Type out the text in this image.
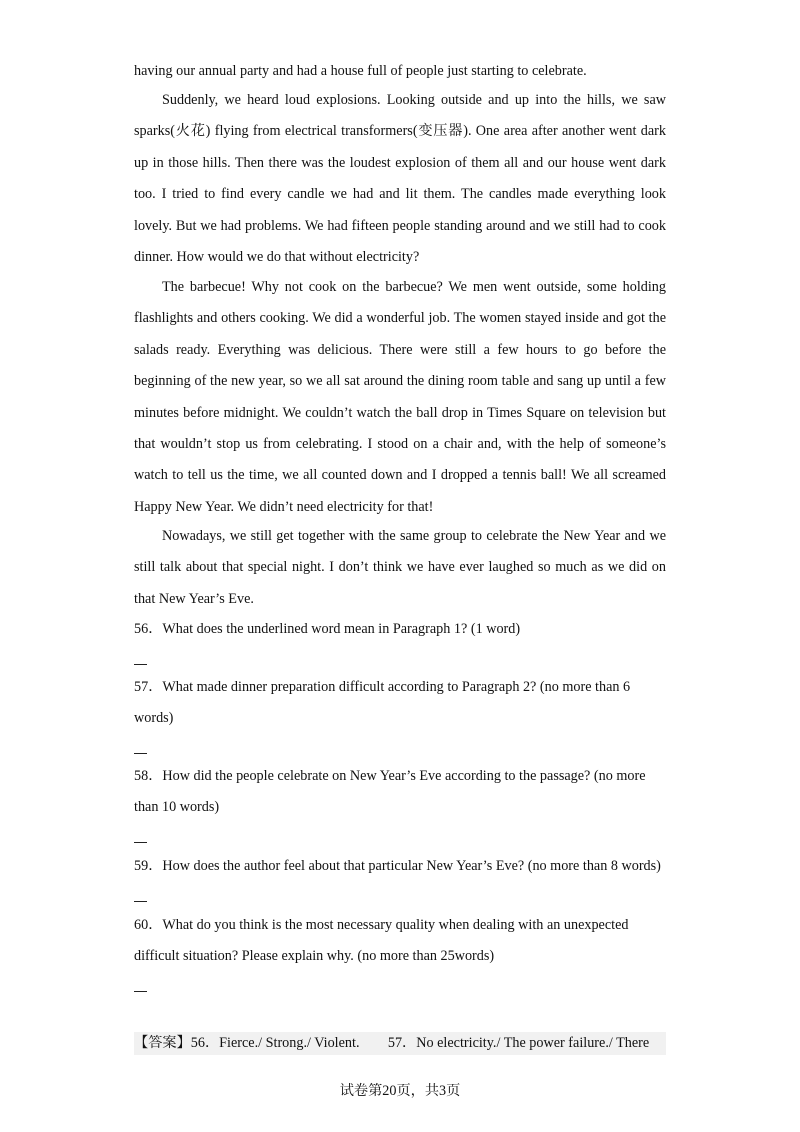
having our annual party and had a house full of people just starting to celebrate.

Suddenly, we heard loud explosions. Looking outside and up into the hills, we saw sparks(火花) flying from electrical transformers(变压器). One area after another went dark up in those hills. Then there was the loudest explosion of them all and our house went dark too. I tried to find every candle we had and lit them. The candles made everything look lovely. But we had problems. We had fifteen people standing around and we still had to cook dinner. How would we do that without electricity?

The barbecue! Why not cook on the barbecue? We men went outside, some holding flashlights and others cooking. We did a wonderful job. The women stayed inside and got the salads ready. Everything was delicious. There were still a few hours to go before the beginning of the new year, so we all sat around the dining room table and sang up until a few minutes before midnight. We couldn’t watch the ball drop in Times Square on television but that wouldn’t stop us from celebrating. I stood on a chair and, with the help of someone’s watch to tell us the time, we all counted down and I dropped a tennis ball! We all screamed Happy New Year. We didn’t need electricity for that!

Nowadays, we still get together with the same group to celebrate the New Year and we still talk about that special night. I don’t think we have ever laughed so much as we did on that New Year’s Eve.

56．What does the underlined word mean in Paragraph 1? (1 word)

57．What made dinner preparation difficult according to Paragraph 2? (no more than 6 words)

58．How did the people celebrate on New Year’s Eve according to the passage? (no more than 10 words)

59．How does the author feel about that particular New Year’s Eve? (no more than 8 words)

60．What do you think is the most necessary quality when dealing with an unexpected difficult situation? Please explain why. (no more than 25words)

【答案】56．Fierce./ Strong./ Violent.        57．No electricity./ The power failure./ There
试卷第20页，共3页
